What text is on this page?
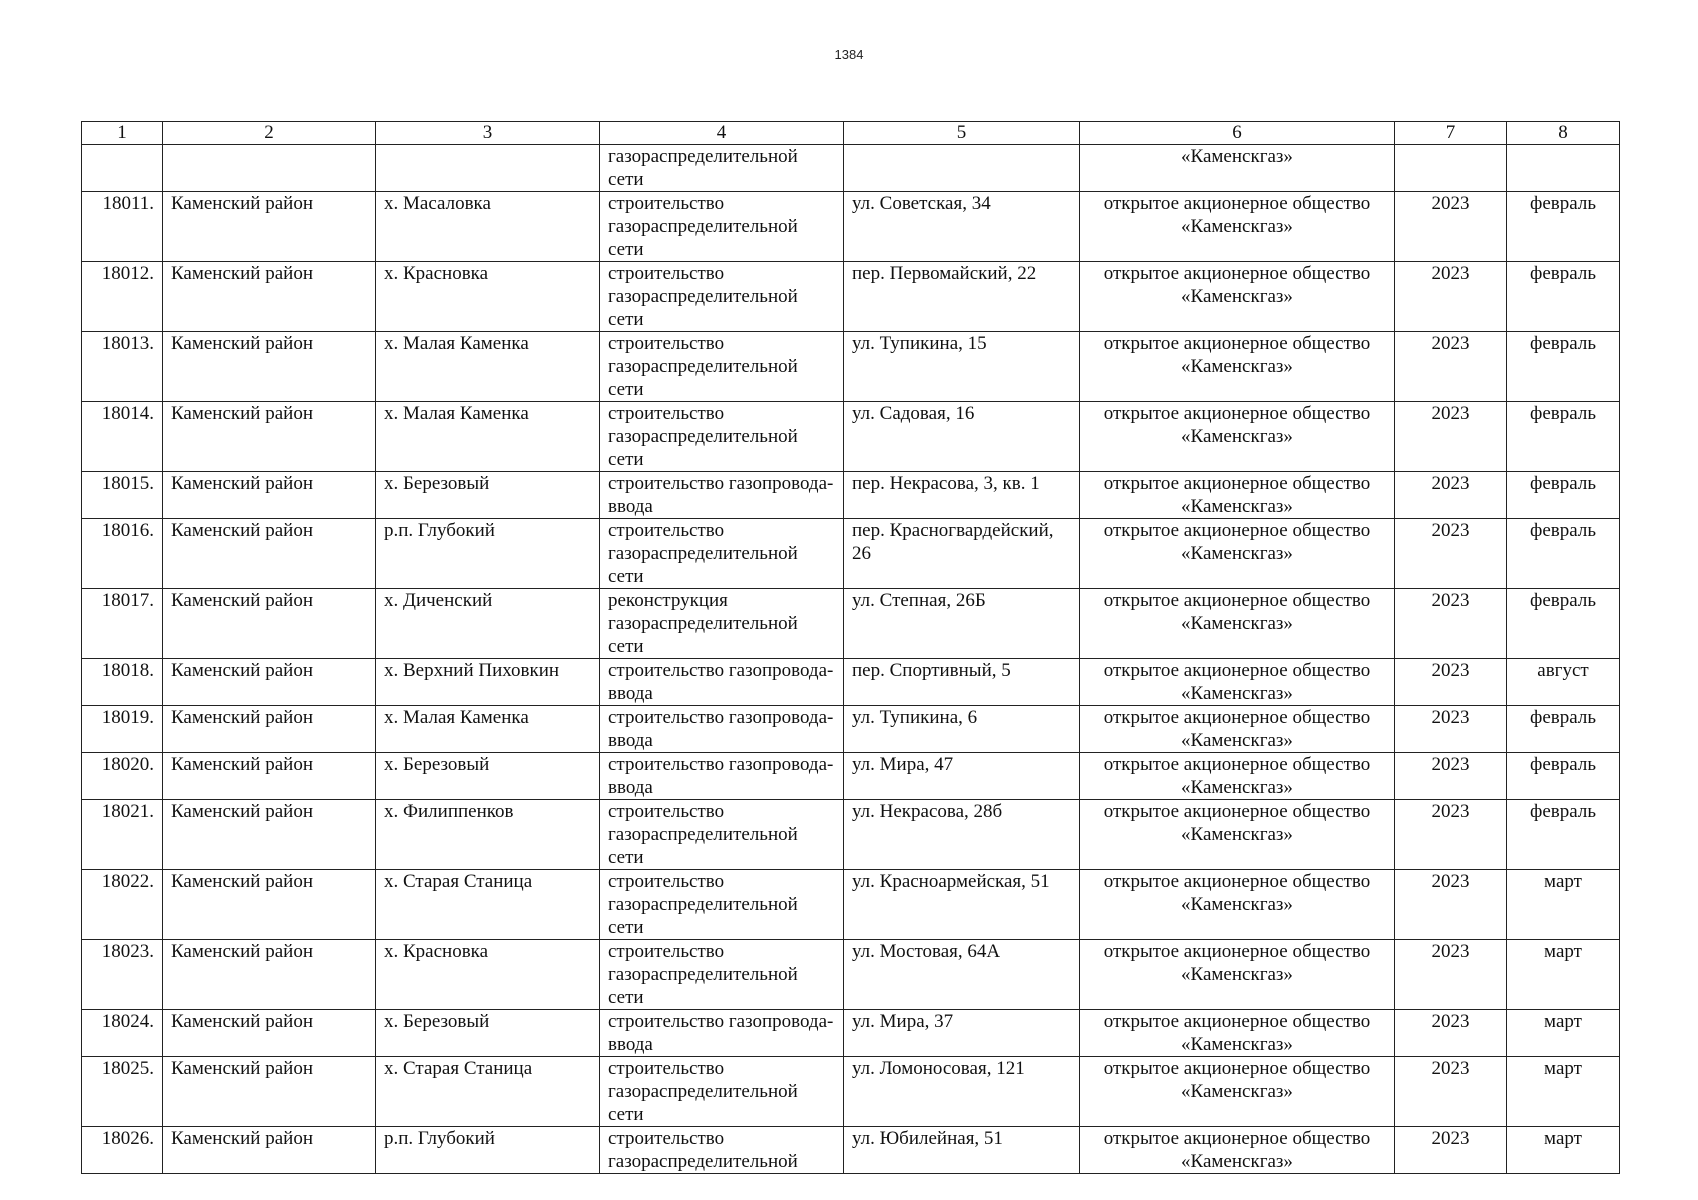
1384
1	2	3	4	5	6	7	8
			газораспределительной сети		«Каменскгаз»		
18011.	Каменский район	х. Масаловка	строительство газораспределительной сети	ул. Советская, 34	открытое акционерное общество «Каменскгаз»	2023	февраль
18012.	Каменский район	х. Красновка	строительство газораспределительной сети	пер. Первомайский, 22	открытое акционерное общество «Каменскгаз»	2023	февраль
18013.	Каменский район	х. Малая Каменка	строительство газораспределительной сети	ул. Тупикина, 15	открытое акционерное общество «Каменскгаз»	2023	февраль
18014.	Каменский район	х. Малая Каменка	строительство газораспределительной сети	ул. Садовая, 16	открытое акционерное общество «Каменскгаз»	2023	февраль
18015.	Каменский район	х. Березовый	строительство газопровода-ввода	пер. Некрасова, 3, кв. 1	открытое акционерное общество «Каменскгаз»	2023	февраль
18016.	Каменский район	р.п. Глубокий	строительство газораспределительной сети	пер. Красногвардейский, 26	открытое акционерное общество «Каменскгаз»	2023	февраль
18017.	Каменский район	х. Диченский	реконструкция газораспределительной сети	ул. Степная, 26Б	открытое акционерное общество «Каменскгаз»	2023	февраль
18018.	Каменский район	х. Верхний Пиховкин	строительство газопровода-ввода	пер. Спортивный, 5	открытое акционерное общество «Каменскгаз»	2023	август
18019.	Каменский район	х. Малая Каменка	строительство газопровода-ввода	ул. Тупикина, 6	открытое акционерное общество «Каменскгаз»	2023	февраль
18020.	Каменский район	х. Березовый	строительство газопровода-ввода	ул. Мира, 47	открытое акционерное общество «Каменскгаз»	2023	февраль
18021.	Каменский район	х. Филиппенков	строительство газораспределительной сети	ул. Некрасова, 28б	открытое акционерное общество «Каменскгаз»	2023	февраль
18022.	Каменский район	х. Старая Станица	строительство газораспределительной сети	ул. Красноармейская, 51	открытое акционерное общество «Каменскгаз»	2023	март
18023.	Каменский район	х. Красновка	строительство газораспределительной сети	ул. Мостовая, 64А	открытое акционерное общество «Каменскгаз»	2023	март
18024.	Каменский район	х. Березовый	строительство газопровода-ввода	ул. Мира, 37	открытое акционерное общество «Каменскгаз»	2023	март
18025.	Каменский район	х. Старая Станица	строительство газораспределительной сети	ул. Ломоносовая, 121	открытое акционерное общество «Каменскгаз»	2023	март
18026.	Каменский район	р.п. Глубокий	строительство газораспределительной	ул. Юбилейная, 51	открытое акционерное общество «Каменскгаз»	2023	март
